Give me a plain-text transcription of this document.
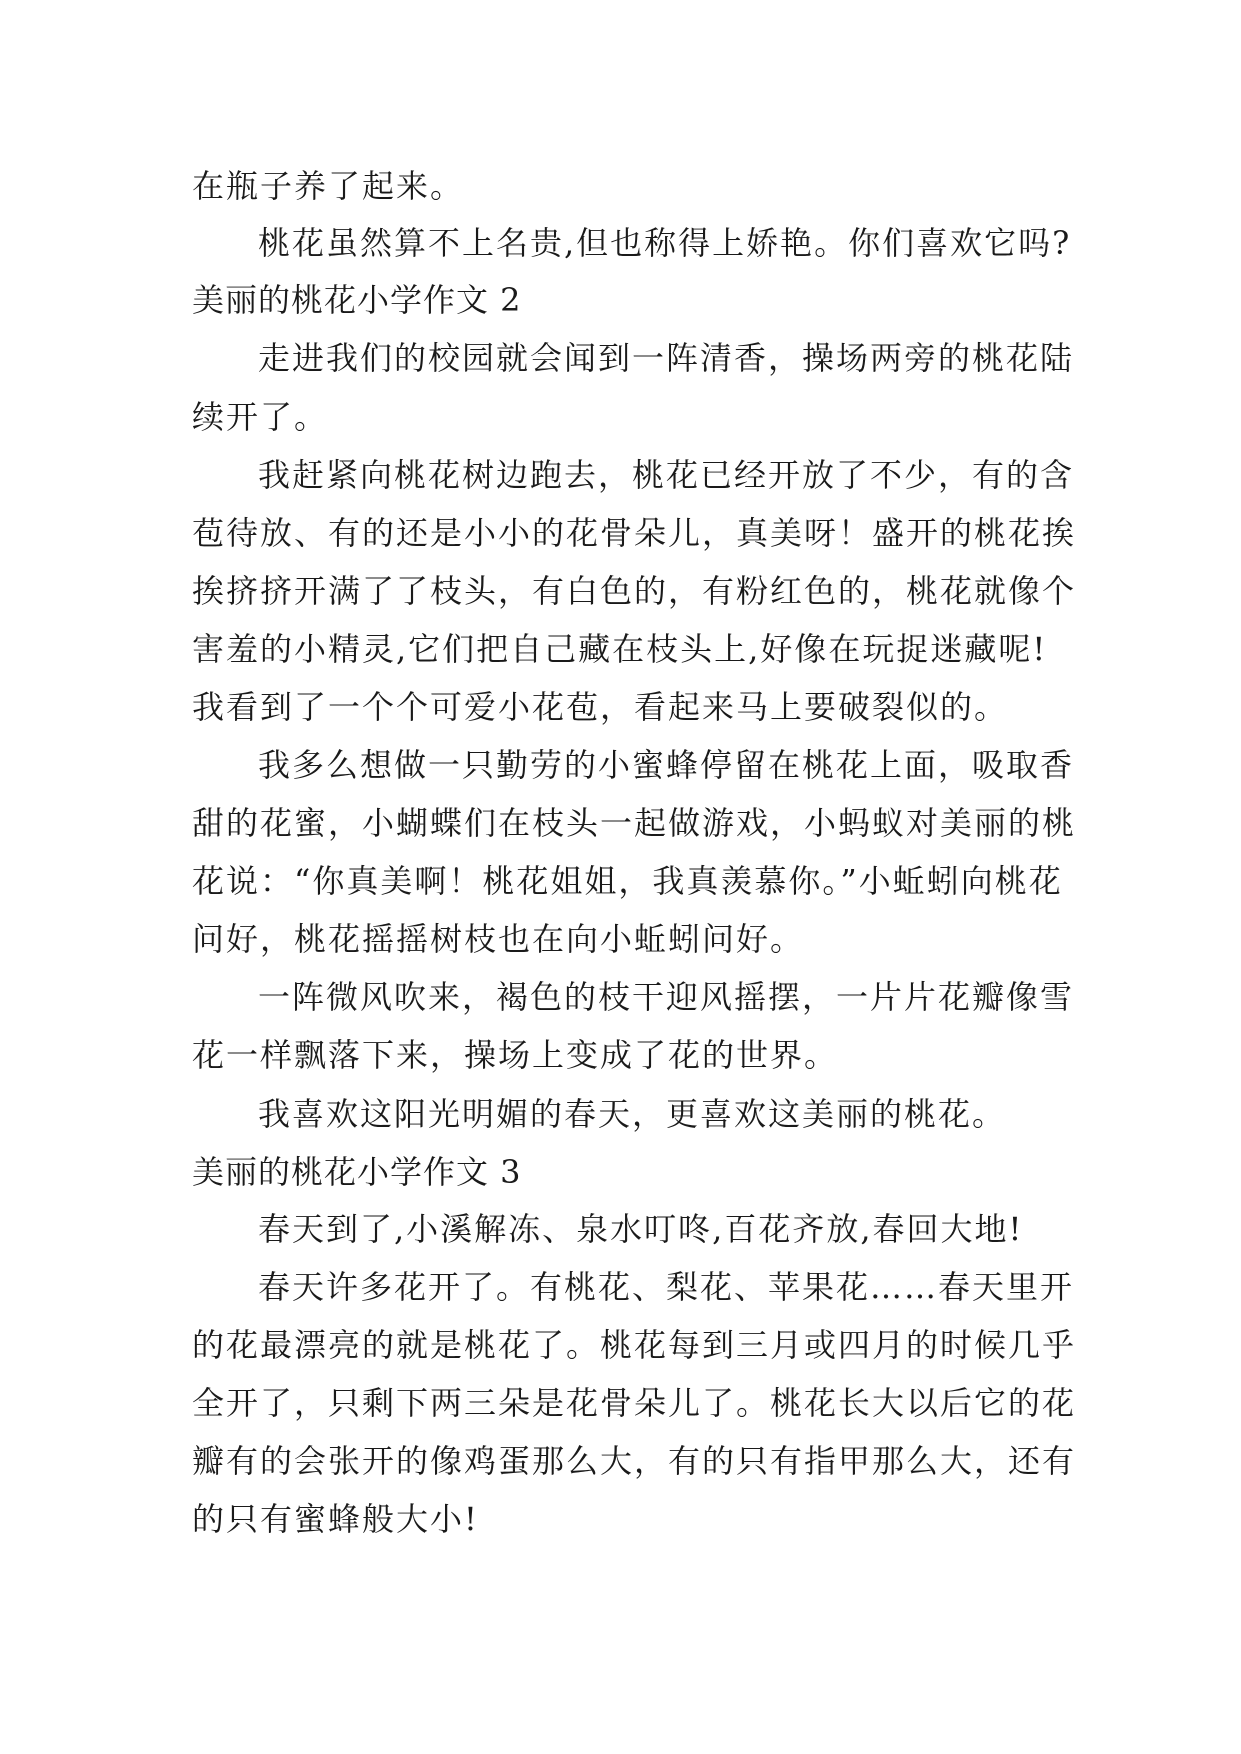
在瓶子养了起来。
桃花虽然算不上名贵,但也称得上娇艳。你们喜欢它吗?
美丽的桃花小学作文 2
走进我们的校园就会闻到一阵清香，操场两旁的桃花陆
续开了。
我赶紧向桃花树边跑去，桃花已经开放了不少，有的含
苞待放、有的还是小小的花骨朵儿，真美呀！盛开的桃花挨
挨挤挤开满了了枝头，有白色的，有粉红色的，桃花就像个
害羞的小精灵,它们把自己藏在枝头上,好像在玩捉迷藏呢!
我看到了一个个可爱小花苞，看起来马上要破裂似的。
我多么想做一只勤劳的小蜜蜂停留在桃花上面，吸取香
甜的花蜜，小蝴蝶们在枝头一起做游戏，小蚂蚁对美丽的桃
花说：“你真美啊！桃花姐姐，我真羡慕你。”小蚯蚓向桃花
问好，桃花摇摇树枝也在向小蚯蚓问好。
一阵微风吹来，褐色的枝干迎风摇摆，一片片花瓣像雪
花一样飘落下来，操场上变成了花的世界。
我喜欢这阳光明媚的春天，更喜欢这美丽的桃花。
美丽的桃花小学作文 3
春天到了,小溪解冻、泉水叮咚,百花齐放,春回大地!
春天许多花开了。有桃花、梨花、苹果花……春天里开
的花最漂亮的就是桃花了。桃花每到三月或四月的时候几乎
全开了，只剩下两三朵是花骨朵儿了。桃花长大以后它的花
瓣有的会张开的像鸡蛋那么大，有的只有指甲那么大，还有
的只有蜜蜂般大小!
